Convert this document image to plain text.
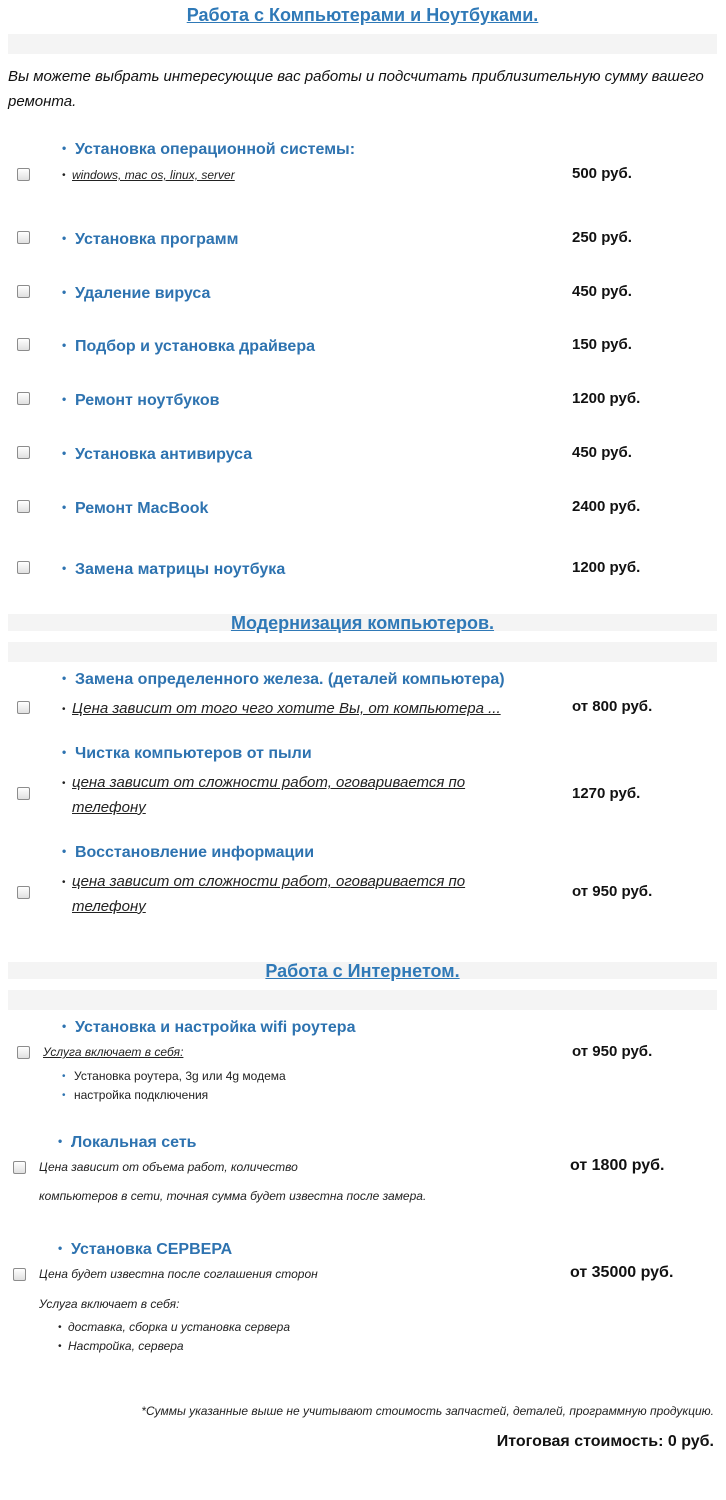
Работа с Компьютерами и Ноутбуками.
Вы можете выбрать интересующие вас работы и подсчитать приблизительную сумму вашего ремонта.
• Установка операционной системы:
• windows, mac os, linux, server	500 руб.
• Установка программ	250 руб.
• Удаление вируса	450 руб.
• Подбор и установка драйвера	150 руб.
• Ремонт ноутбуков	1200 руб.
• Установка антивируса	450 руб.
• Ремонт MacBook	2400 руб.
• Замена матрицы ноутбука	1200 руб.
Модернизация компьютеров.
• Замена определенного железа. (деталей компьютера)
• Цена зависит от того чего хотите Вы, от компьютера ...	от 800 руб.
• Чистка компьютеров от пыли
• цена зависит от сложности работ, оговаривается по
телефону
1270 руб.
• Восстановление информации
• цена зависит от сложности работ, оговаривается по
телефону
от 950 руб.
Работа с Интернетом.
• Установка и настройка wifi роутера
Услуга включает в себя:	от 950 руб.
• Установка роутера, 3g или 4g модема
• настройка подключения
• Локальная сеть
Цена зависит от объема работ, количество	от 1800 руб.
компьютеров в сети, точная сумма будет известна после замера.
• Установка СЕРВЕРА
Цена будет известна после соглашения сторон	от 35000 руб.
Услуга включает в себя:
• доставка, сборка и установка сервера
• Настройка, сервера
*Суммы указанные выше не учитывают стоимость запчастей, деталей, программную продукцию.
Итоговая стоимость: 0 руб.
